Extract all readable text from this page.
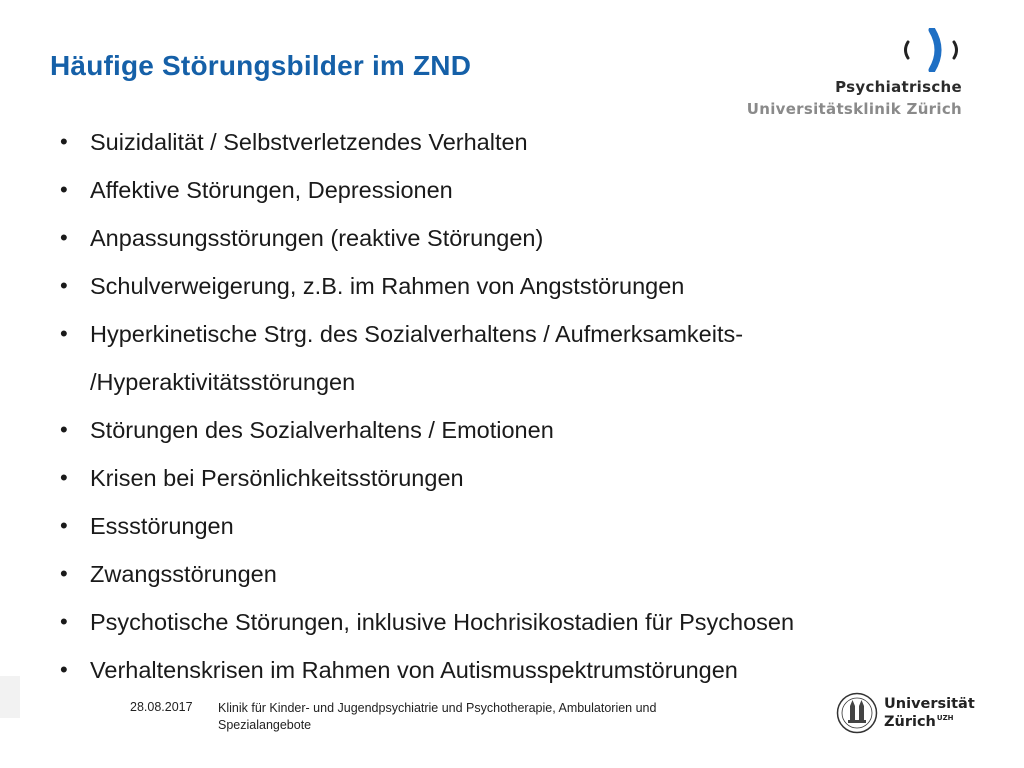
Häufige Störungsbilder im ZND
Psychiatrische
Universitätsklinik Zürich
• Suizidalität / Selbstverletzendes Verhalten
• Affektive Störungen, Depressionen
• Anpassungsstörungen (reaktive Störungen)
• Schulverweigerung, z.B. im Rahmen von Angststörungen
• Hyperkinetische Strg. des Sozialverhaltens / Aufmerksamkeits-
/Hyperaktivitätsstörungen
• Störungen des Sozialverhaltens / Emotionen
• Krisen bei Persönlichkeitsstörungen
• Essstörungen
• Zwangsstörungen
• Psychotische Störungen, inklusive Hochrisikostadien für Psychosen
• Verhaltenskrisen im Rahmen von Autismusspektrumstörungen
28.08.2017 Klinik für Kinder- und Jugendpsychiatrie und Psychotherapie, Ambulatorien und Spezialangebote
Universität
Zürich$^{UZH}$
